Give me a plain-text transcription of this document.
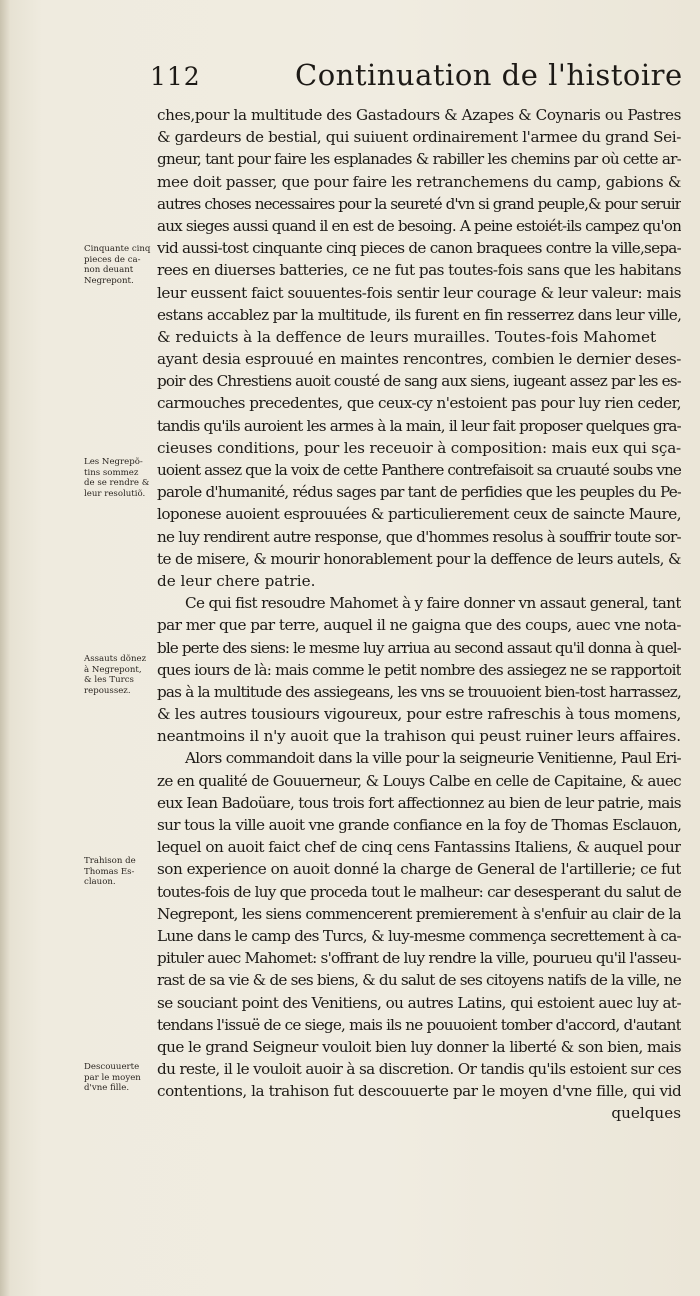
112	Continuation de l'histoire
Cinquante cinq
pieces de ca-
non deuant
Negrepont.
Les Negrepõ-
tins sommez
de se rendre &
leur resolutiõ.
Assauts dõnez
à Negrepont,
& les Turcs
repoussez.
Trahison de
Thomas Es-
clauon.
Descouuerte
par le moyen
d'vne fille.
ches,pour la multitude des Gastadours & Azapes & Coynaris ou Pastres
& gardeurs de bestial, qui suiuent ordinairement l'armee du grand Sei-
gneur, tant pour faire les esplanades & rabiller les chemins par où cette ar-
mee doit passer, que pour faire les retranchemens du camp, gabions &
autres choses necessaires pour la seureté d'vn si grand peuple,& pour seruir
aux sieges aussi quand il en est de besoing. A peine estoiét-ils campez qu'on
vid aussi-tost cinquante cinq pieces de canon braquees contre la ville,sepa-
rees en diuerses batteries, ce ne fut pas toutes-fois sans que les habitans
leur eussent faict souuentes-fois sentir leur courage & leur valeur: mais
estans accablez par la multitude, ils furent en fin resserrez dans leur ville,
& reduicts à la deffence de leurs murailles. Toutes-fois Mahomet
ayant desia esprouué en maintes rencontres, combien le dernier deses-
poir des Chrestiens auoit cousté de sang aux siens, iugeant assez par les es-
carmouches precedentes, que ceux-cy n'estoient pas pour luy rien ceder,
tandis qu'ils auroient les armes à la main, il leur fait proposer quelques gra-
cieuses conditions, pour les receuoir à composition: mais eux qui sça-
uoient assez que la voix de cette Panthere contrefaisoit sa cruauté soubs vne
parole d'humanité, rédus sages par tant de perfidies que les peuples du Pe-
loponese auoient esprouuées & particulierement ceux de saincte Maure,
ne luy rendirent autre response, que d'hommes resolus à souffrir toute sor-
te de misere, & mourir honorablement pour la deffence de leurs autels, &
de leur chere patrie.
Ce qui fist resoudre Mahomet à y faire donner vn assaut general, tant
par mer que par terre, auquel il ne gaigna que des coups, auec vne nota-
ble perte des siens: le mesme luy arriua au second assaut qu'il donna à quel-
ques iours de là: mais comme le petit nombre des assiegez ne se rapportoit
pas à la multitude des assiegeans, les vns se trouuoient bien-tost harrassez,
& les autres tousiours vigoureux, pour estre rafreschis à tous momens,
neantmoins il n'y auoit que la trahison qui peust ruiner leurs affaires.
Alors commandoit dans la ville pour la seigneurie Venitienne, Paul Eri-
ze en qualité de Gouuerneur, & Louys Calbe en celle de Capitaine, & auec
eux Iean Badoüare, tous trois fort affectionnez au bien de leur patrie, mais
sur tous la ville auoit vne grande confiance en la foy de Thomas Esclauon,
lequel on auoit faict chef de cinq cens Fantassins Italiens, & auquel pour
son experience on auoit donné la charge de General de l'artillerie; ce fut
toutes-fois de luy que proceda tout le malheur: car desesperant du salut de
Negrepont, les siens commencerent premierement à s'enfuir au clair de la
Lune dans le camp des Turcs, & luy-mesme commença secrettement à ca-
pituler auec Mahomet: s'offrant de luy rendre la ville, pourueu qu'il l'asseu-
rast de sa vie & de ses biens, & du salut de ses citoyens natifs de la ville, ne
se souciant point des Venitiens, ou autres Latins, qui estoient auec luy at-
tendans l'issuë de ce siege, mais ils ne pouuoient tomber d'accord, d'autant
que le grand Seigneur vouloit bien luy donner la liberté & son bien, mais
du reste, il le vouloit auoir à sa discretion. Or tandis qu'ils estoient sur ces
contentions, la trahison fut descouuerte par le moyen d'vne fille, qui vid
quelques
